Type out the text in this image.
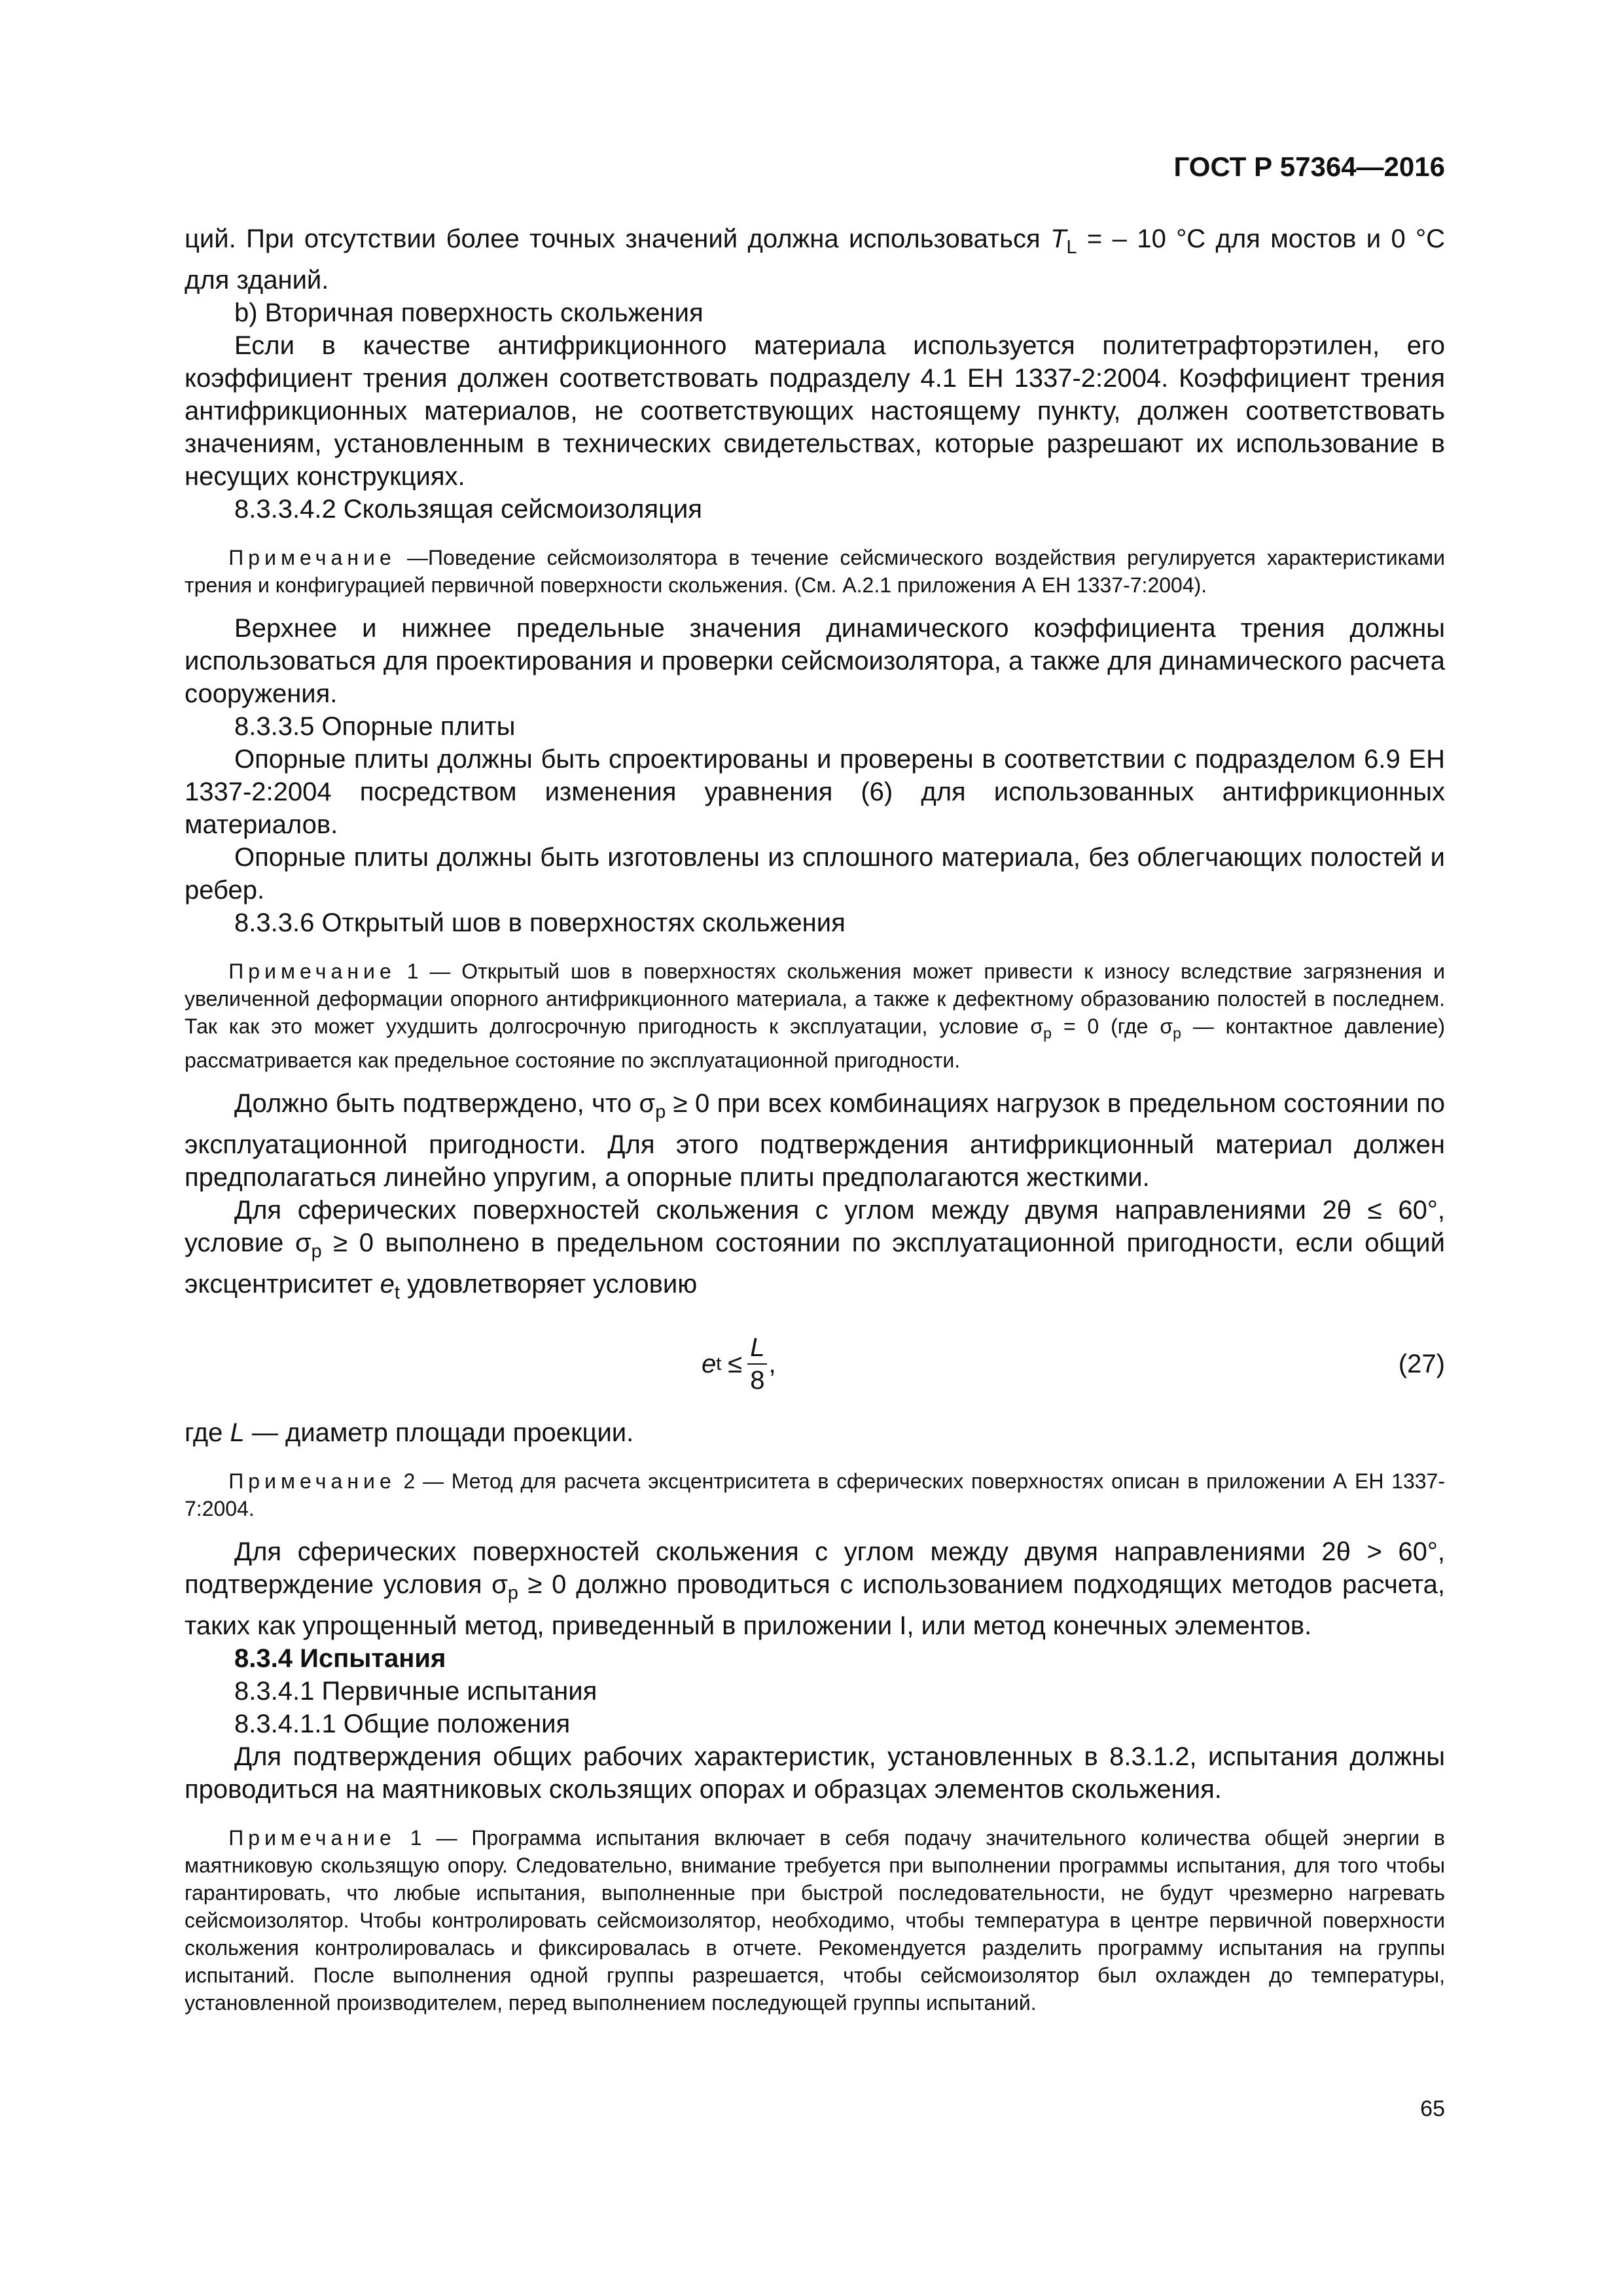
ГОСТ Р 57364—2016

ций. При отсутствии более точных значений должна использоваться $T_L$ = – 10 °С для мостов и 0 °С для зданий.

b) Вторичная поверхность скольжения

Если в качестве антифрикционного материала используется политетрафторэтилен, его коэффициент трения должен соответствовать подразделу 4.1 ЕН 1337-2:2004. Коэффициент трения антифрикционных материалов, не соответствующих настоящему пункту, должен соответствовать значениям, установленным в технических свидетельствах, которые разрешают их использование в несущих конструкциях.

8.3.3.4.2 Скользящая сейсмоизоляция

Примечание —Поведение сейсмоизолятора в течение сейсмического воздействия регулируется характеристиками трения и конфигурацией первичной поверхности скольжения. (См. А.2.1 приложения А ЕН 1337-7:2004).

Верхнее и нижнее предельные значения динамического коэффициента трения должны использоваться для проектирования и проверки сейсмоизолятора, а также для динамического расчета сооружения.

8.3.3.5 Опорные плиты

Опорные плиты должны быть спроектированы и проверены в соответствии с подразделом 6.9 ЕН 1337-2:2004 посредством изменения уравнения (6) для использованных антифрикционных материалов.

Опорные плиты должны быть изготовлены из сплошного материала, без облегчающих полостей и ребер.

8.3.3.6 Открытый шов в поверхностях скольжения

Примечание 1 — Открытый шов в поверхностях скольжения может привести к износу вследствие загрязнения и увеличенной деформации опорного антифрикционного материала, а также к дефектному образованию полостей в последнем. Так как это может ухудшить долгосрочную пригодность к эксплуатации, условие $\sigma_р = 0$ (где $\sigma_р$ — контактное давление) рассматривается как предельное состояние по эксплуатационной пригодности.

Должно быть подтверждено, что $\sigma_р \ge 0$ при всех комбинациях нагрузок в предельном состоянии по эксплуатационной пригодности. Для этого подтверждения антифрикционный материал должен предполагаться линейно упругим, а опорные плиты предполагаются жесткими.

Для сферических поверхностей скольжения с углом между двумя направлениями 2θ ≤ 60°, условие $\sigma_р \ge 0$ выполнено в предельном состоянии по эксплуатационной пригодности, если общий эксцентриситет $e_t$ удовлетворяет условию

e $t \le \frac{L}{8}$ ,	(27)

где L — диаметр площади проекции.

Примечание 2 — Метод для расчета эксцентриситета в сферических поверхностях описан в приложении А ЕН 1337-7:2004.

Для сферических поверхностей скольжения с углом между двумя направлениями 2θ > 60°, подтверждение условия $\sigma_р \ge 0$ должно проводиться с использованием подходящих методов расчета, таких как упрощенный метод, приведенный в приложении I, или метод конечных элементов.

8.3.4 Испытания

8.3.4.1 Первичные испытания

8.3.4.1.1 Общие положения

Для подтверждения общих рабочих характеристик, установленных в 8.3.1.2, испытания должны проводиться на маятниковых скользящих опорах и образцах элементов скольжения.

Примечание 1 — Программа испытания включает в себя подачу значительного количества общей энергии в маятниковую скользящую опору. Следовательно, внимание требуется при выполнении программы испытания, для того чтобы гарантировать, что любые испытания, выполненные при быстрой последовательности, не будут чрезмерно нагревать сейсмоизолятор. Чтобы контролировать сейсмоизолятор, необходимо, чтобы температура в центре первичной поверхности скольжения контролировалась и фиксировалась в отчете. Рекомендуется разделить программу испытания на группы испытаний. После выполнения одной группы разрешается, чтобы сейсмоизолятор был охлажден до температуры, установленной производителем, перед выполнением последующей группы испытаний.

65
